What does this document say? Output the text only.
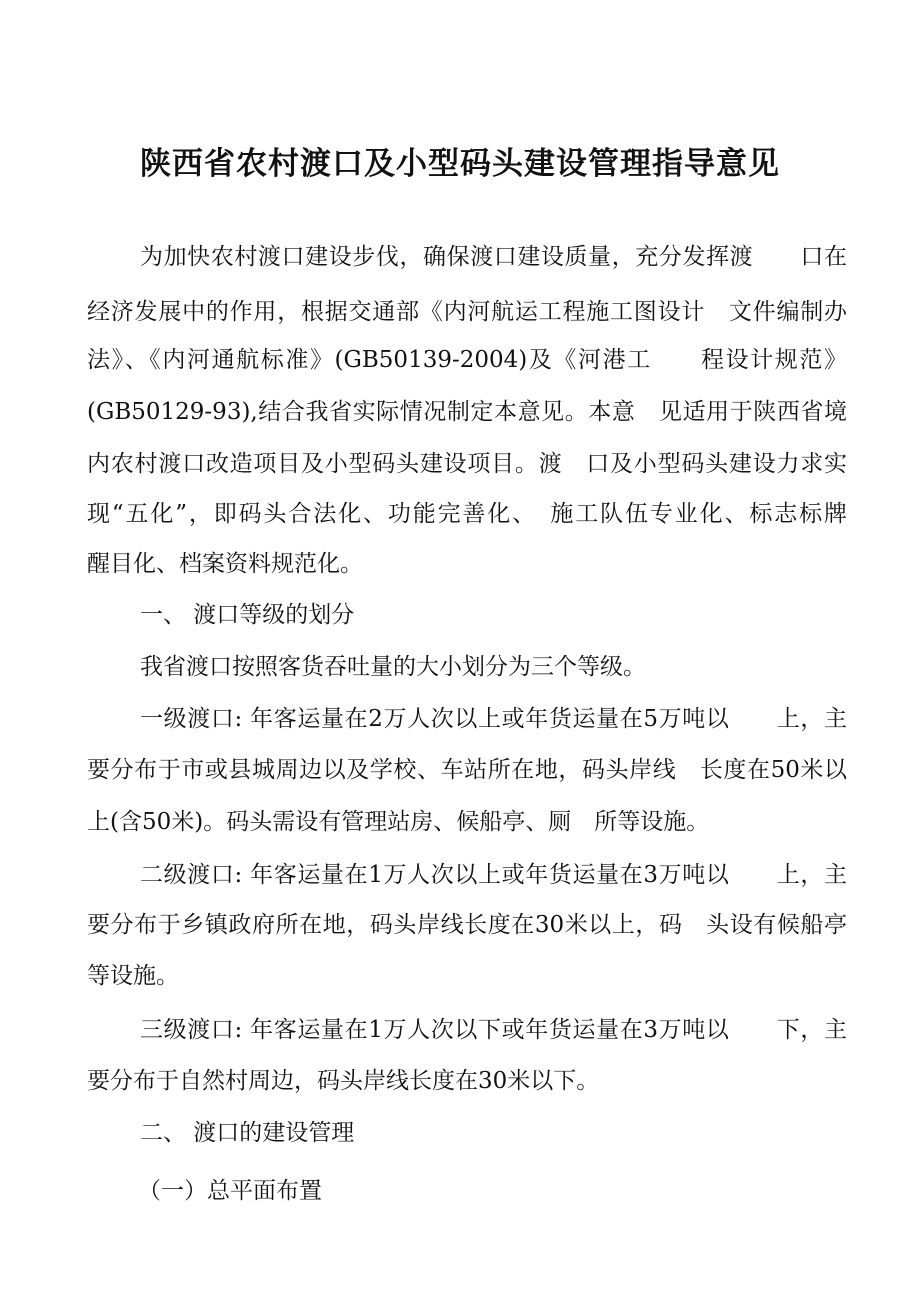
陕西省农村渡口及小型码头建设管理指导意见
为加快农村渡口建设步伐，确保渡口建设质量，充分发挥渡　　口在
经济发展中的作用，根据交通部《内河航运工程施工图设计　文件编制办
法》、《内河通航标准》(GB50139-2004)及《河港工　　程设计规范》
(GB50129-93),结合我省实际情况制定本意见。本意　见适用于陕西省境
内农村渡口改造项目及小型码头建设项目。渡　口及小型码头建设力求实
现“五化”，即码头合法化、功能完善化、　施工队伍专业化、标志标牌
醒目化、档案资料规范化。
一、 渡口等级的划分
我省渡口按照客货吞吐量的大小划分为三个等级。
一级渡口: 年客运量在2万人次以上或年货运量在5万吨以　　上，主
要分布于市或县城周边以及学校、车站所在地，码头岸线　长度在50米以
上(含50米)。码头需设有管理站房、候船亭、厕　所等设施。
二级渡口: 年客运量在1万人次以上或年货运量在3万吨以　　上，主
要分布于乡镇政府所在地，码头岸线长度在30米以上，码　头设有候船亭
等设施。
三级渡口: 年客运量在1万人次以下或年货运量在3万吨以　　下，主
要分布于自然村周边，码头岸线长度在30米以下。
二、 渡口的建设管理
（一）总平面布置
